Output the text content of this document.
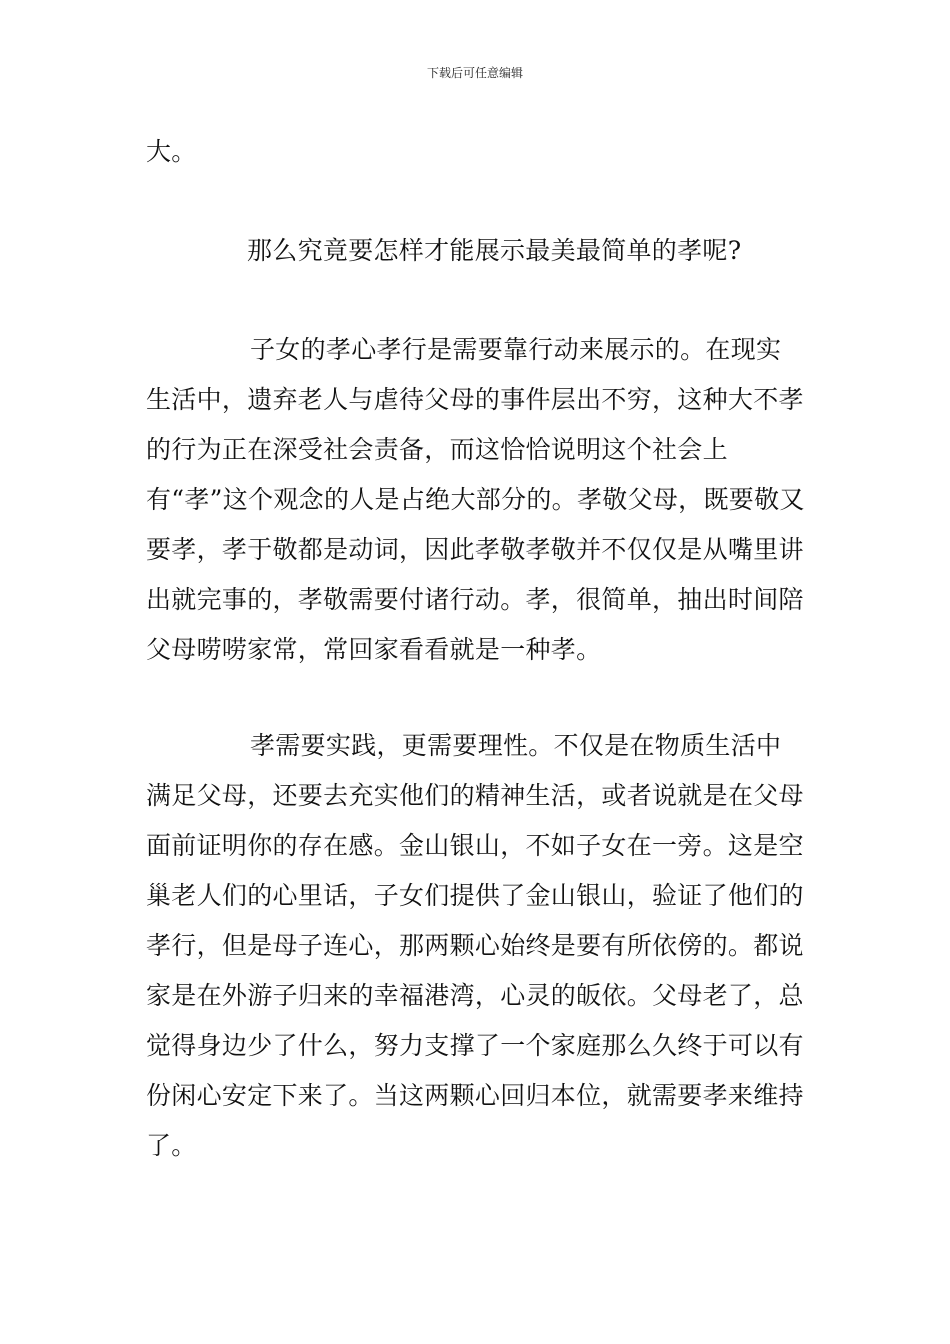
下载后可任意编辑

大。

那么究竟要怎样才能展示最美最简单的孝呢?

子女的孝心孝行是需要靠行动来展示的。在现实生活中，遗弃老人与虐待父母的事件层出不穷，这种大不孝的行为正在深受社会责备，而这恰恰说明这个社会上有“孝”这个观念的人是占绝大部分的。孝敬父母，既要敬又要孝，孝于敬都是动词，因此孝敬孝敬并不仅仅是从嘴里讲出就完事的，孝敬需要付诸行动。孝，很简单，抽出时间陪父母唠唠家常，常回家看看就是一种孝。

孝需要实践，更需要理性。不仅是在物质生活中满足父母，还要去充实他们的精神生活，或者说就是在父母面前证明你的存在感。金山银山，不如子女在一旁。这是空巢老人们的心里话，子女们提供了金山银山，验证了他们的孝行，但是母子连心，那两颗心始终是要有所依傍的。都说家是在外游子归来的幸福港湾，心灵的皈依。父母老了，总觉得身边少了什么，努力支撑了一个家庭那么久终于可以有份闲心安定下来了。当这两颗心回归本位，就需要孝来维持了。
